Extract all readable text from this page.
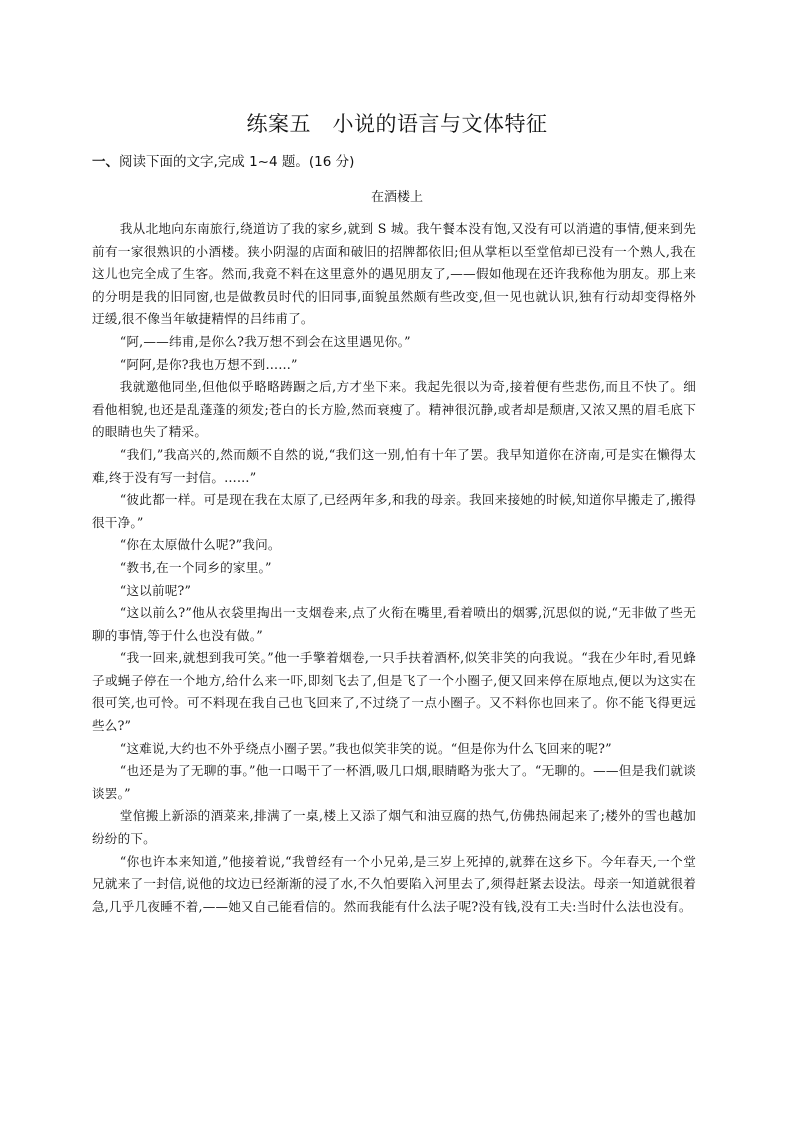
练案五　小说的语言与文体特征
一、阅读下面的文字,完成 1~4 题。(16 分)
在酒楼上

我从北地向东南旅行,绕道访了我的家乡,就到 S 城。我午餐本没有饱,又没有可以消遣的事情,便来到先前有一家很熟识的小酒楼。狭小阴湿的店面和破旧的招牌都依旧;但从掌柜以至堂倌却已没有一个熟人,我在这儿也完全成了生客。然而,我竟不料在这里意外的遇见朋友了,——假如他现在还许我称他为朋友。那上来的分明是我的旧同窗,也是做教员时代的旧同事,面貌虽然颇有些改变,但一见也就认识,独有行动却变得格外迂缓,很不像当年敏捷精悍的吕纬甫了。

“阿,——纬甫,是你么?我万想不到会在这里遇见你。”

“阿阿,是你?我也万想不到……”

我就邀他同坐,但他似乎略略踌蹰之后,方才坐下来。我起先很以为奇,接着便有些悲伤,而且不快了。细看他相貌,也还是乱蓬蓬的须发;苍白的长方脸,然而衰瘦了。精神很沉静,或者却是颓唐,又浓又黑的眉毛底下的眼睛也失了精采。

“我们,”我高兴的,然而颇不自然的说,“我们这一别,怕有十年了罢。我早知道你在济南,可是实在懒得太难,终于没有写一封信。……”

“彼此都一样。可是现在我在太原了,已经两年多,和我的母亲。我回来接她的时候,知道你早搬走了,搬得很干净。”

“你在太原做什么呢?”我问。

“教书,在一个同乡的家里。”

“这以前呢?”

“这以前么?”他从衣袋里掏出一支烟卷来,点了火衔在嘴里,看着喷出的烟雾,沉思似的说,“无非做了些无聊的事情,等于什么也没有做。”

“我一回来,就想到我可笑。”他一手擎着烟卷,一只手扶着酒杯,似笑非笑的向我说。“我在少年时,看见蜂子或蝇子停在一个地方,给什么来一吓,即刻飞去了,但是飞了一个小圈子,便又回来停在原地点,便以为这实在很可笑,也可怜。可不料现在我自己也飞回来了,不过绕了一点小圈子。又不料你也回来了。你不能飞得更远些么?”

“这难说,大约也不外乎绕点小圈子罢。”我也似笑非笑的说。“但是你为什么飞回来的呢?”

“也还是为了无聊的事。”他一口喝干了一杯酒,吸几口烟,眼睛略为张大了。“无聊的。——但是我们就谈谈罢。”

堂倌搬上新添的酒菜来,排满了一桌,楼上又添了烟气和油豆腐的热气,仿佛热闹起来了;楼外的雪也越加纷纷的下。

“你也许本来知道,”他接着说,“我曾经有一个小兄弟,是三岁上死掉的,就葬在这乡下。今年春天,一个堂兄就来了一封信,说他的坟边已经渐渐的浸了水,不久怕要陷入河里去了,须得赶紧去设法。母亲一知道就很着急,几乎几夜睡不着,——她又自己能看信的。然而我能有什么法子呢?没有钱,没有工夫:当时什么法也没有。
